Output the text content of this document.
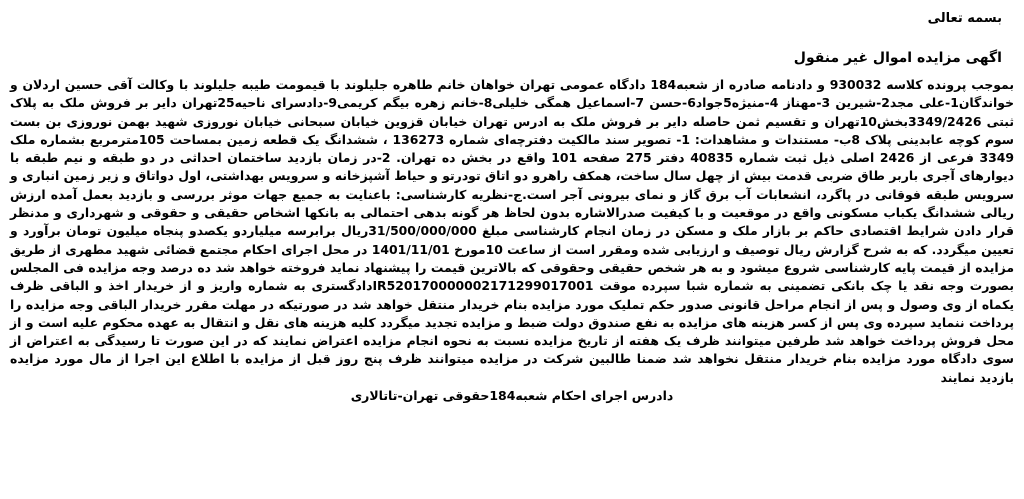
بسمه تعالی
اگهی مزایده اموال غیر منقول

بموجب پرونده کلاسه 930032 و دادنامه صادره از شعبه184 دادگاه عمومی تهران خواهان خانم طاهره جلیلوند با قیمومت طیبه جلیلوند با وکالت آقی حسین اردلان و خواندگان1-علی مجد2-شیرین 3-مهناز 4-منیژه5جواد6-حسن 7-اسماعیل همگی خلیلی8-خانم زهره بیگم کریمی9-دادسرای ناحیه25تهران دایر بر فروش ملک به پلاک ثبتی 3349/2426بخش10تهران و تقسیم ثمن حاصله دایر بر فروش ملک به ادرس تهران خیابان قزوین خیابان سبحانی خیابان نوروزی شهید بهمن نوروزی بن بست سوم کوچه عابدینی پلاک 8ب- مستندات و مشاهدات: 1- تصویر سند مالکیت دفترچه‌ای شماره 136273 ، ششدانگ یک قطعه زمین بمساحت 105مترمربع بشماره ملک 3349 فرعی از 2426 اصلی ذیل ثبت شماره 40835 دفتر 275 صفحه 101 واقع در بخش ده تهران. 2-در زمان بازدید ساختمان احداثی در دو طبقه و نیم طبقه با دیوارهای آجری باربر طاق ضربی قدمت بیش از چهل سال ساخت، همکف راهرو دو اتاق تودرتو و حیاط آشپزخانه و سرویس بهداشتی، اول دواتاق و زیر زمین انباری و سرویس طبقه فوقانی در پاگرد، انشعابات آب برق گاز و نمای بیرونی آجر است.ج-نظریه کارشناسی: باعنایت به جمیع جهات موثر بررسی و بازدید بعمل آمده ارزش ریالی ششدانگ یکباب مسکونی واقع در موقعیت و با کیفیت صدرالاشاره بدون لحاظ هر گونه بدهی احتمالی به بانکها اشخاص حقیقی و حقوقی و شهرداری و مدنظر قرار دادن شرایط اقتصادی حاکم بر بازار ملک و مسکن در زمان انجام کارشناسی مبلغ 31/500/000/000ریال برابرسه میلیاردو یکصدو پنجاه میلیون تومان برآورد و تعیین میگردد. که به شرح گزارش ریال توصیف و ارزیابی شده ومقرر است از ساعت 10مورخ 1401/11/01 در محل اجرای احکام مجتمع قضائی شهید مطهری از طریق مزایده از قیمت پایه کارشناسی شروع میشود و به هر شخص حقیقی وحقوقی که بالاترین قیمت را پیشنهاد نماید فروخته خواهد شد ده درصد وجه مزایده فی المجلس بصورت وجه نقد یا چک بانکی تضمینی به شماره شبا سپرده موقت IR520170000002171299017001دادگستری به شماره واریز و از خریدار اخذ و الباقی ظرف یکماه از وی وصول و پس از انجام مراحل قانونی صدور حکم تملیک مورد مزایده بنام خریدار منتقل خواهد شد در صورتیکه در مهلت مقرر خریدار الباقی وجه مزایده را پرداخت ننماید سپرده وی پس از کسر هزینه های مزایده به نفع صندوق دولت ضبط و مزایده تجدید میگردد کلیه هزینه های نقل و انتقال به عهده محکوم علیه است و از محل فروش پرداخت خواهد شد طرفین میتوانند ظرف یک هفته از تاریخ مزایده نسبت به نحوه انجام مزایده اعتراض نمایند که در این صورت تا رسیدگی به اعتراض از سوی دادگاه مورد مزایده بنام خریدار منتقل نخواهد شد ضمنا طالبین شرکت در مزایده میتوانند ظرف پنج روز قبل از مزایده با اطلاع این اجرا از مال مورد مزایده بازدید نمایند

دادرس اجرای احکام شعبه184حقوقی تهران-تاتالاری
